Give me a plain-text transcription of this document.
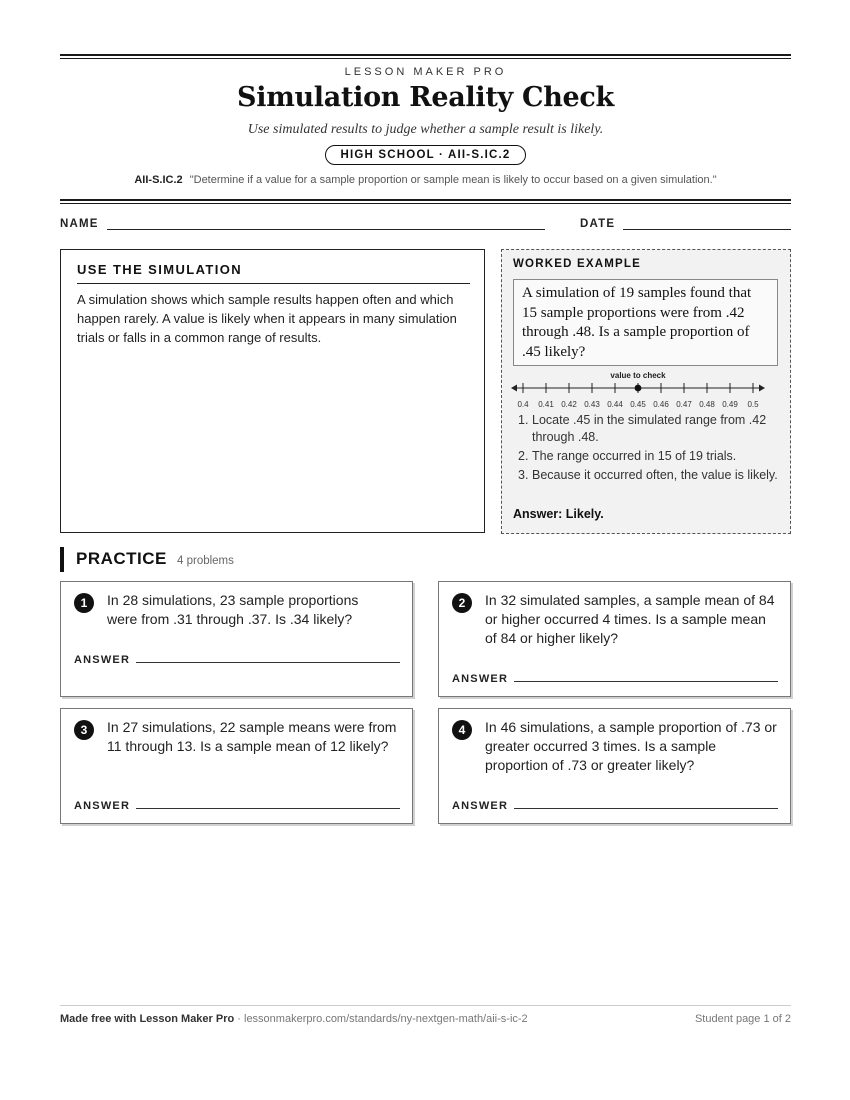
LESSON MAKER PRO
Simulation Reality Check
Use simulated results to judge whether a sample result is likely.
HIGH SCHOOL · AII-S.IC.2
AII-S.IC.2 "Determine if a value for a sample proportion or sample mean is likely to occur based on a given simulation."
NAME	DATE
USE THE SIMULATION

A simulation shows which sample results happen often and which happen rarely. A value is likely when it appears in many simulation trials or falls in a common range of results.

WORKED EXAMPLE
A simulation of 19 samples found that 15 sample proportions were from .42 through .48. Is a sample proportion of .45 likely?
value to check
0.4 0.41 0.42 0.43 0.44 0.45 0.46 0.47 0.48 0.49 0.5
1. Locate .45 in the simulated range from .42 through .48.
2. The range occurred in 15 of 19 trials.
3. Because it occurred often, the value is likely.
Answer: Likely.
PRACTICE 4 problems
1	In 28 simulations, 23 sample proportions were from .31 through .37. Is .34 likely?

ANSWER
2	In 32 simulated samples, a sample mean of 84 or higher occurred 4 times. Is a sample mean of 84 or higher likely?

ANSWER
3	In 27 simulations, 22 sample means were from 11 through 13. Is a sample mean of 12 likely?

ANSWER
4	In 46 simulations, a sample proportion of .73 or greater occurred 3 times. Is a sample proportion of .73 or greater likely?

ANSWER
Made free with Lesson Maker Pro · lessonmakerpro.com/standards/ny-nextgen-math/aii-s-ic-2	Student page 1 of 2
